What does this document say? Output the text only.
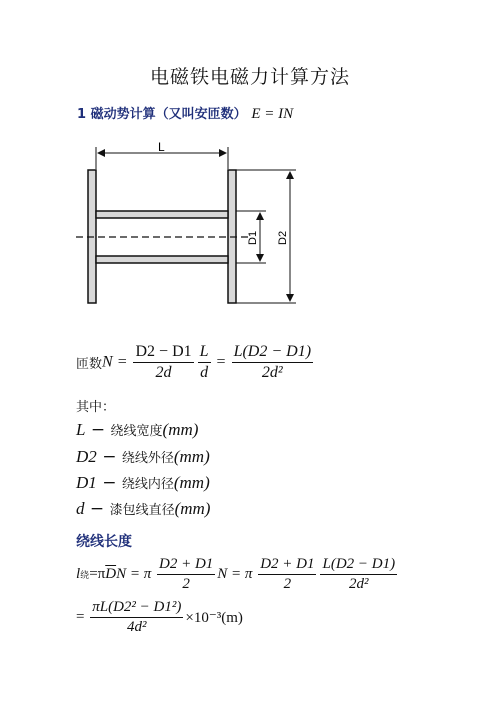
电磁铁电磁力计算方法
1 磁动势计算（又叫安匝数） E = IN
L
D1 D2
匝数$N = \frac{D2 - D1}{2d} \frac{L}{d} = \frac{L(D2 - D1)}{\text{2d²}}$
其中：
L − 绕线宽度(mm)
D2 − 绕线外径(mm)
D1 − 绕线内径(mm)
d − 漆包线直径(mm)
绕线长度
l绕$=\pi\overline{D}N = \pi \frac{D2 + D1}{2}$ N = π $\frac{D2 + D1}{2} \frac{L(D2 - D1)}{\text{2d²}}$
= $\frac{\text{πL(D2² − D1²)}}{\text{4d²}} \times 10^{-3}(m)$
